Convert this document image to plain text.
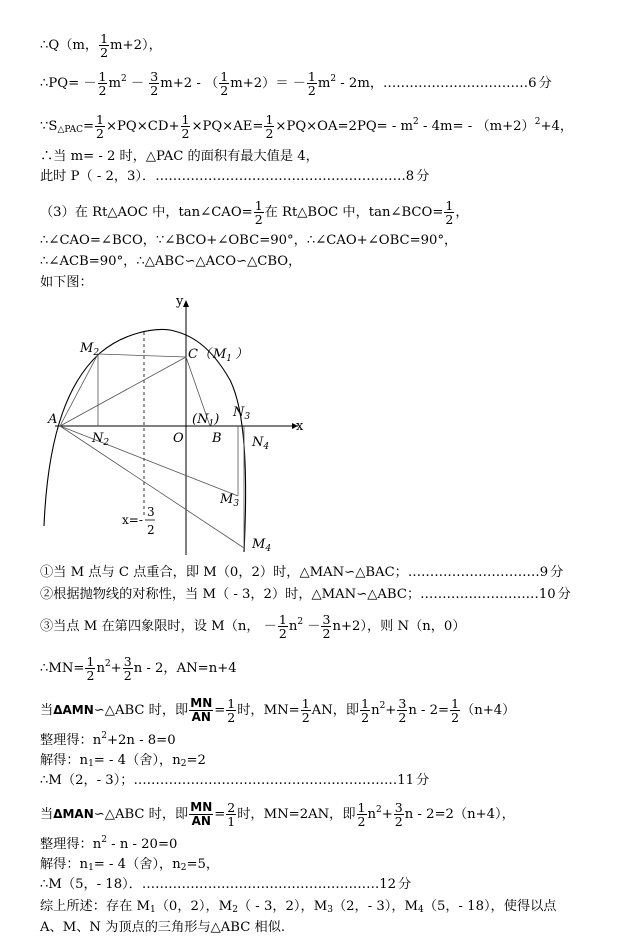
∴Q（m， $\frac{1}{2} m+2$），
∴PQ= － $\frac{1}{2} m^2 - \frac{3}{2} m+2$ - （ $\frac{1}{2} m+2)= - \frac{1}{2} m^2 - 2m$，……………………………6 分
$\because S_{\triangle PAC}= \frac{1}{2} \times PQ\times CD+ \frac{1}{2} \times PQ\times AE= \frac{1}{2} \times PQ\times OA=2PQ= - m^2 - 4m= - (m+2)^2+4$，
∴当 m= - 2 时，△PAC 的面积有最大值是 4，
此时 P（ - 2，3）．…………………………………………………8 分
（3）在 Rt△AOC 中，tan∠CAO= $\frac{1}{2}$ 在 Rt△BOC 中，tan∠BCO= $\frac{1}{2}$ ，
∴∠CAO=∠BCO，∵∠BCO+∠OBC=90°，∴∠CAO+∠OBC=90°，
∴∠ACB=90°，∴△ABC∽△ACO∽△CBO，
如下图：
y
x
A
O B
C（ $M_1$ ）
$M_2$
$(N_1)$
$N_2$
$N_3$
$N_4$
$M_3$
$M_4$
x=-
3
2
①当 M 点与 C 点重合，即 M（0，2）时，△MAN∽△BAC；…………………………9 分
②根据抛物线的对称性，当 M（ - 3，2）时，△MAN∽△ABC；………………………10 分
③当点 M 在第四象限时，设 M（n， － $\frac{1}{2} n^2 - \frac{3}{2} n+2$），则 N（n，0）
∴MN= $\frac{1}{2} n^2+ \frac{3}{2}$ n - 2，AN=n+4
当ΔAMN∽△ABC 时，即 $\frac{MN}{AN} = \frac{1}{2}$ 时，$MN= \frac{1}{2}$ AN，即 $\frac{1}{2} n^2+ \frac{3}{2}$ $n - 2= \frac{1}{2} (n+4)$
整理得：$n^2+2n - 8=0$
解得：$n_1= - 4$（舍），$n_2=2$
∴M（2，- 3）；……………………………………………………11 分
当ΔMAN∽△ABC 时，即 $\frac{MN}{AN} = \frac{2}{1}$ 时，MN=2AN，即 $\frac{1}{2} n^2+ \frac{3}{2}$ n - 2=2（n+4），
整理得：$n^2 - n - 20=0$
解得：$n_1= - 4$（舍），$n_2=5$，
∴M（5，- 18）．………………………………………………12 分
综上所述：存在 $M_1(0$，2），$M_2( - 3$，2），$M_3(2$，- 3），$M_4(5$，- 18），使得以点
A、M、N 为顶点的三角形与△ABC 相似.
